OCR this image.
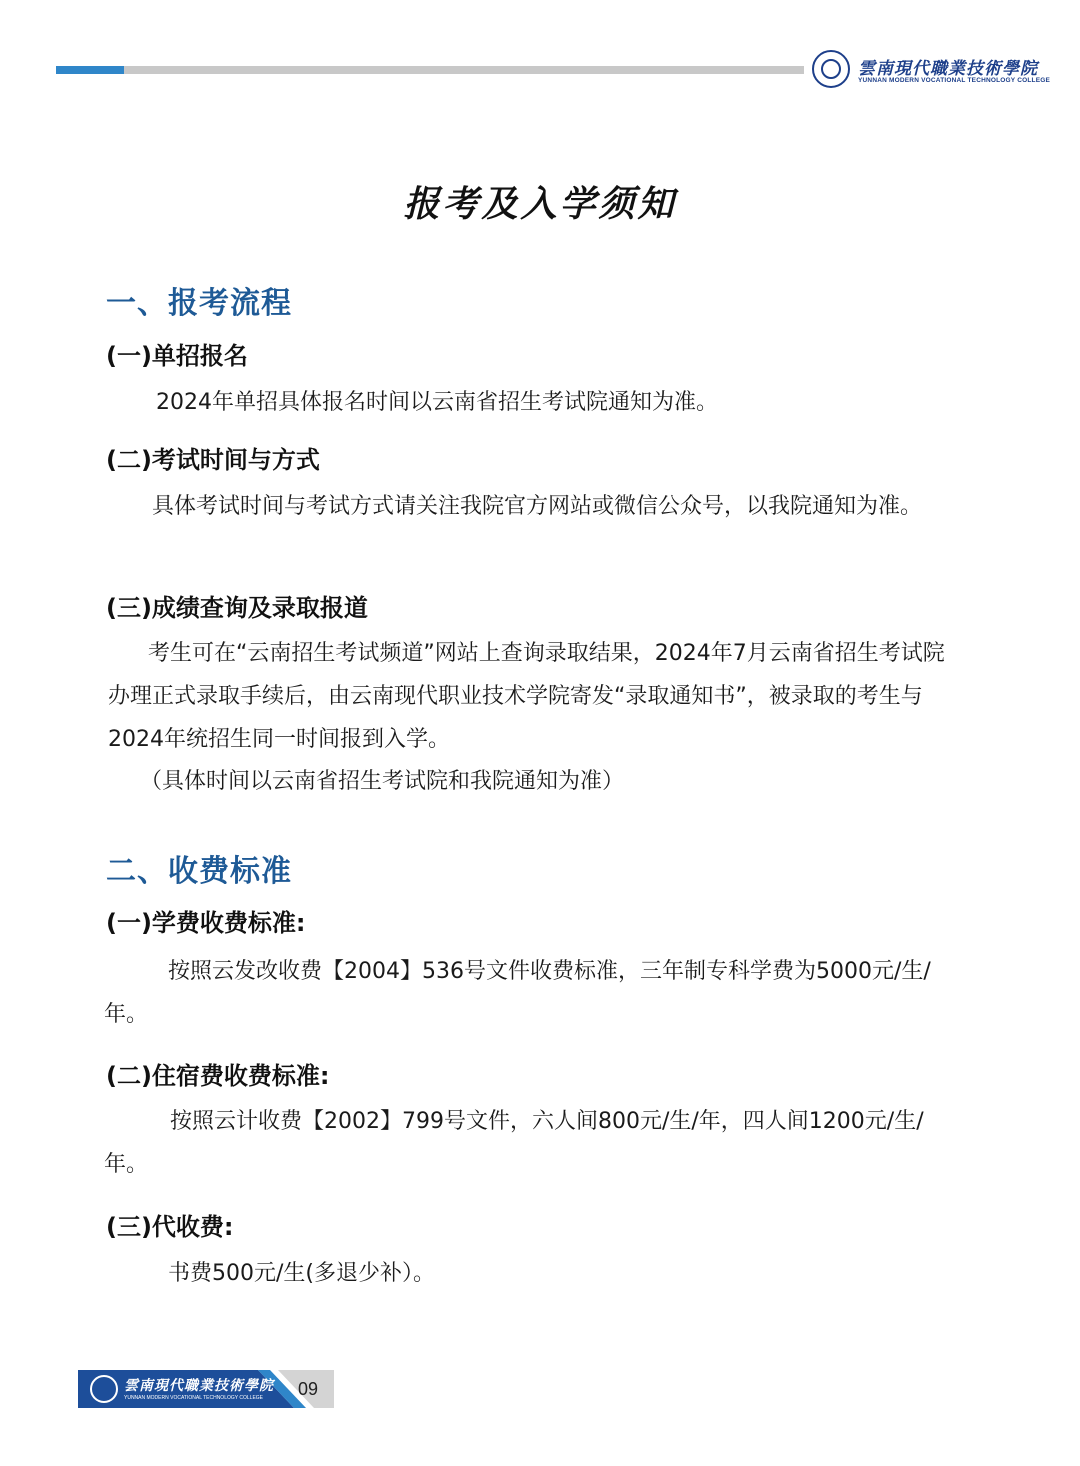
雲南現代職業技術學院
YUNNAN MODERN VOCATIONAL TECHNOLOGY COLLEGE
报考及入学须知
一、报考流程
(一)单招报名

2024年单招具体报名时间以云南省招生考试院通知为准。

(二)考试时间与方式

具体考试时间与考试方式请关注我院官方网站或微信公众号，以我院通知为准。

(三)成绩查询及录取报道

考生可在“云南招生考试频道”网站上查询录取结果，2024年7月云南省招生考试院办理正式录取手续后，由云南现代职业技术学院寄发“录取通知书”，被录取的考生与2024年统招生同一时间报到入学。

（具体时间以云南省招生考试院和我院通知为准）

二、收费标准
(一)学费收费标准:

按照云发改收费【2004】536号文件收费标准，三年制专科学费为5000元/生/年。

(二)住宿费收费标准:

按照云计收费【2002】799号文件，六人间800元/生/年，四人间1200元/生/年。

(三)代收费:

书费500元/生(多退少补）。

雲南現代職業技術學院
YUNNAN MODERN VOCATIONAL TECHNOLOGY COLLEGE 09
